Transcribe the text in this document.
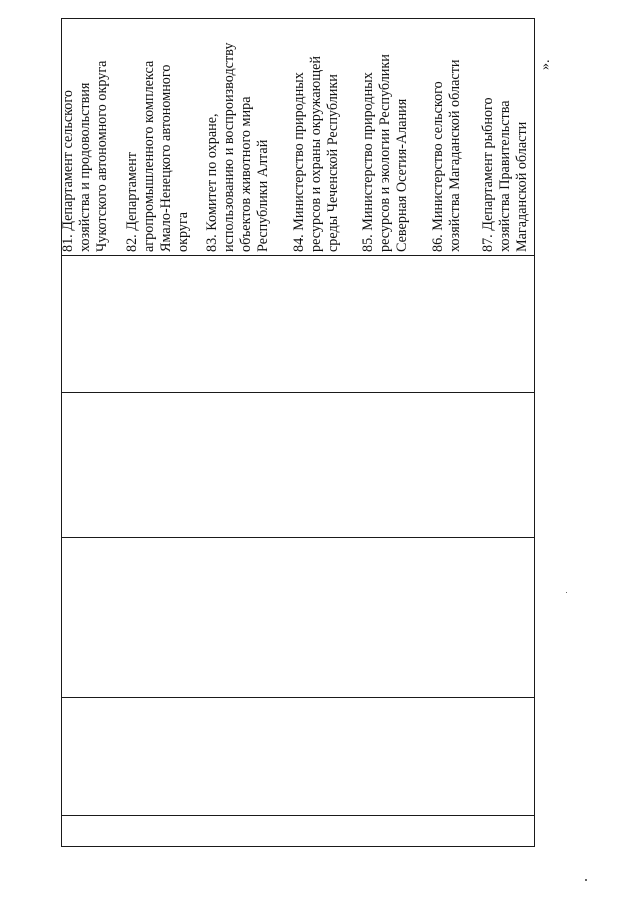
81. Департамент сельского хозяйства и продовольствия Чукотского автономного округа 82. Департамент агропромышленного комплекса Ямало-Ненецкого автономного округа 83. Комитет по охране, использованию и воспроизводству объектов животного мира Республики Алтай 84. Министерство природных ресурсов и охраны окружающей среды Чеченской Республики 85. Министерство природных ресурсов и экологии Республики Северная Осетия-Алания 86. Министерство сельского хозяйства Магаданской области 87. Департамент рыбного хозяйства Правительства Магаданской области
».
